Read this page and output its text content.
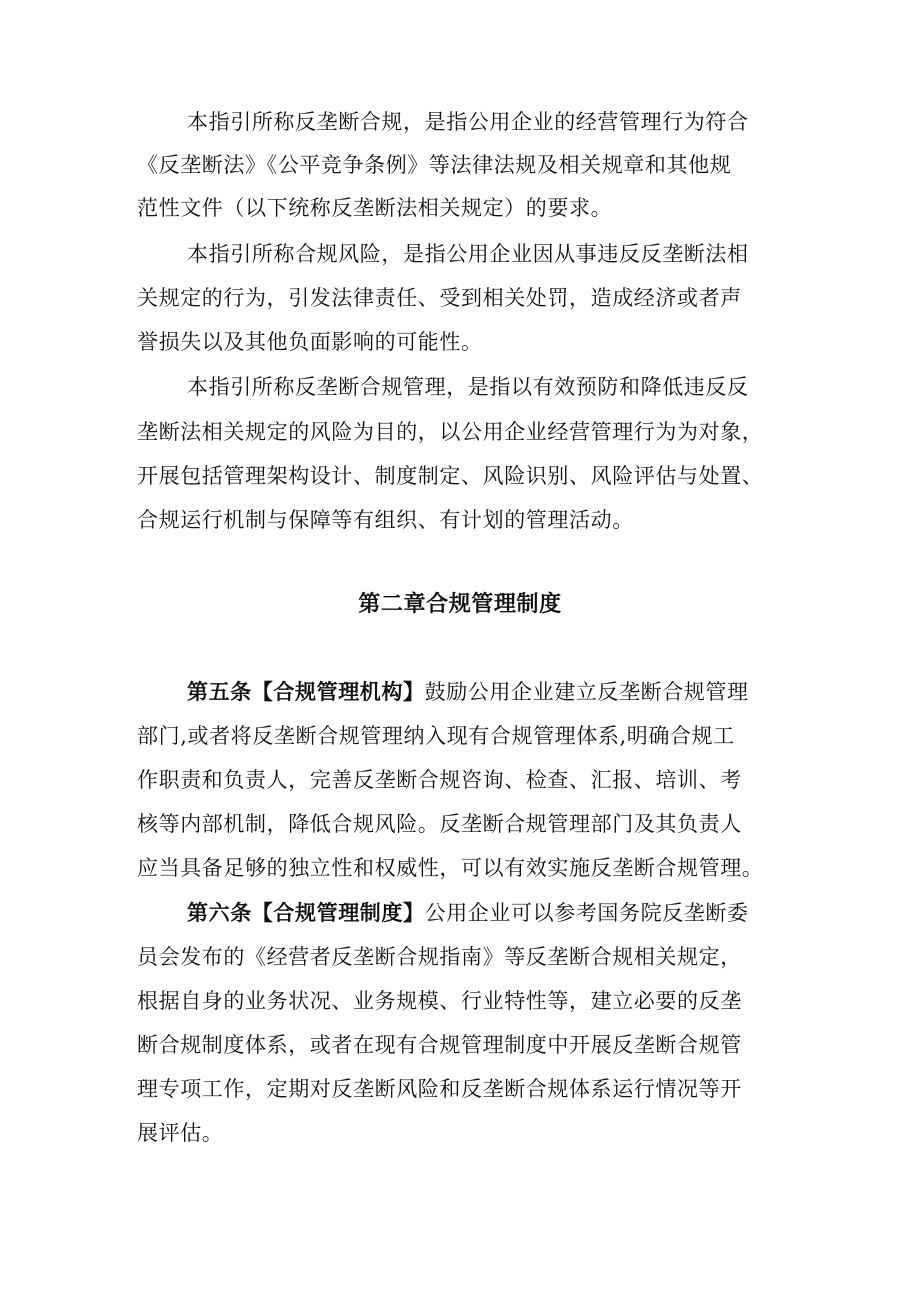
本指引所称反垄断合规，是指公用企业的经营管理行为符合
《反垄断法》《公平竞争条例》等法律法规及相关规章和其他规
范性文件（以下统称反垄断法相关规定）的要求。
本指引所称合规风险，是指公用企业因从事违反反垄断法相
关规定的行为，引发法律责任、受到相关处罚，造成经济或者声
誉损失以及其他负面影响的可能性。
本指引所称反垄断合规管理，是指以有效预防和降低违反反
垄断法相关规定的风险为目的，以公用企业经营管理行为为对象，
开展包括管理架构设计、制度制定、风险识别、风险评估与处置、
合规运行机制与保障等有组织、有计划的管理活动。
第二章合规管理制度
第五条【合规管理机构】鼓励公用企业建立反垄断合规管理
部门,或者将反垄断合规管理纳入现有合规管理体系,明确合规工
作职责和负责人，完善反垄断合规咨询、检查、汇报、培训、考
核等内部机制，降低合规风险。反垄断合规管理部门及其负责人
应当具备足够的独立性和权威性，可以有效实施反垄断合规管理。
第六条【合规管理制度】公用企业可以参考国务院反垄断委
员会发布的《经营者反垄断合规指南》等反垄断合规相关规定，
根据自身的业务状况、业务规模、行业特性等，建立必要的反垄
断合规制度体系，或者在现有合规管理制度中开展反垄断合规管
理专项工作，定期对反垄断风险和反垄断合规体系运行情况等开
展评估。
